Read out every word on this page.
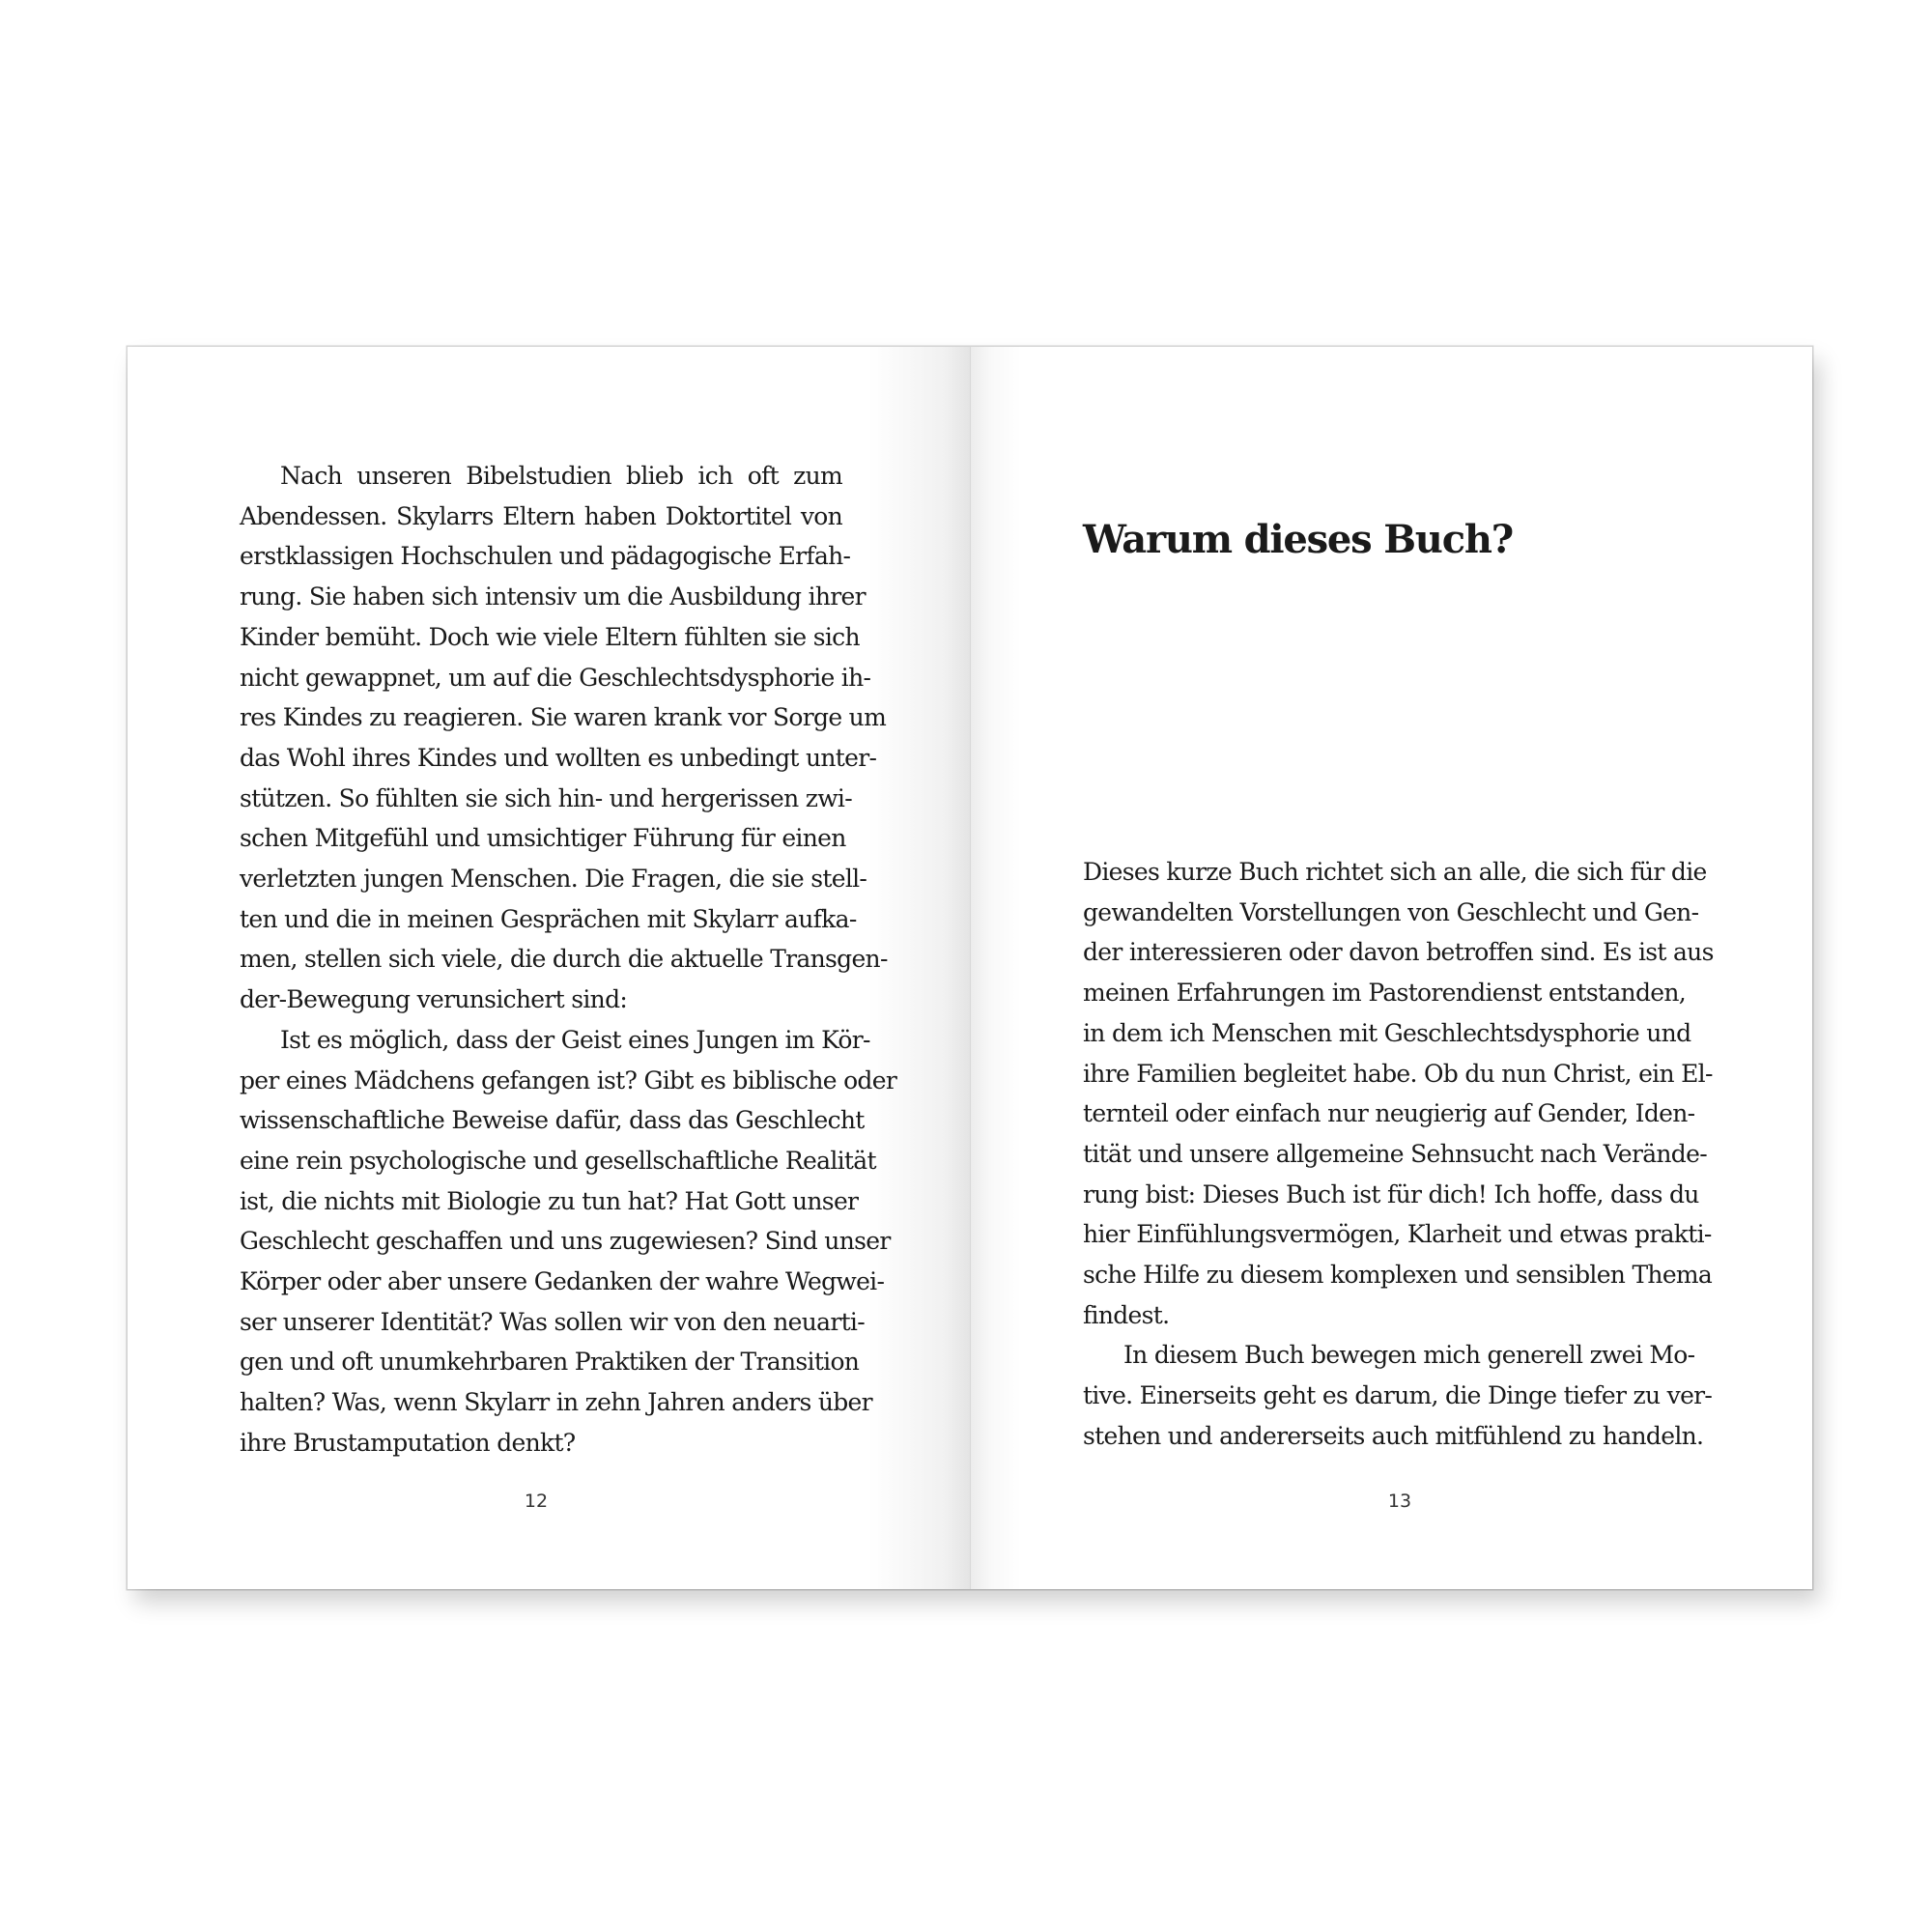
Nach unseren Bibelstudien blieb ich oft zum
Abendessen. Skylarrs Eltern haben Doktortitel von
erstklassigen Hochschulen und pädagogische Erfah-
rung. Sie haben sich intensiv um die Ausbildung ihrer
Kinder bemüht. Doch wie viele Eltern fühlten sie sich
nicht gewappnet, um auf die Geschlechtsdysphorie ih-
res Kindes zu reagieren. Sie waren krank vor Sorge um
das Wohl ihres Kindes und wollten es unbedingt unter-
stützen. So fühlten sie sich hin- und hergerissen zwi-
schen Mitgefühl und umsichtiger Führung für einen
verletzten jungen Menschen. Die Fragen, die sie stell-
ten und die in meinen Gesprächen mit Skylarr aufka-
men, stellen sich viele, die durch die aktuelle Transgen-
der-Bewegung verunsichert sind:
Ist es möglich, dass der Geist eines Jungen im Kör-
per eines Mädchens gefangen ist? Gibt es biblische oder
wissenschaftliche Beweise dafür, dass das Geschlecht
eine rein psychologische und gesellschaftliche Realität
ist, die nichts mit Biologie zu tun hat? Hat Gott unser
Geschlecht geschaffen und uns zugewiesen? Sind unser
Körper oder aber unsere Gedanken der wahre Wegwei-
ser unserer Identität? Was sollen wir von den neuarti-
gen und oft unumkehrbaren Praktiken der Transition
halten? Was, wenn Skylarr in zehn Jahren anders über
ihre Brustamputation denkt?
12
Warum dieses Buch?
Dieses kurze Buch richtet sich an alle, die sich für die
gewandelten Vorstellungen von Geschlecht und Gen-
der interessieren oder davon betroffen sind. Es ist aus
meinen Erfahrungen im Pastorendienst entstanden,
in dem ich Menschen mit Geschlechtsdysphorie und
ihre Familien begleitet habe. Ob du nun Christ, ein El-
ternteil oder einfach nur neugierig auf Gender, Iden-
tität und unsere allgemeine Sehnsucht nach Verände-
rung bist: Dieses Buch ist für dich! Ich hoffe, dass du
hier Einfühlungsvermögen, Klarheit und etwas prakti-
sche Hilfe zu diesem komplexen und sensiblen Thema
findest.
In diesem Buch bewegen mich generell zwei Mo-
tive. Einerseits geht es darum, die Dinge tiefer zu ver-
stehen und andererseits auch mitfühlend zu handeln.
13
